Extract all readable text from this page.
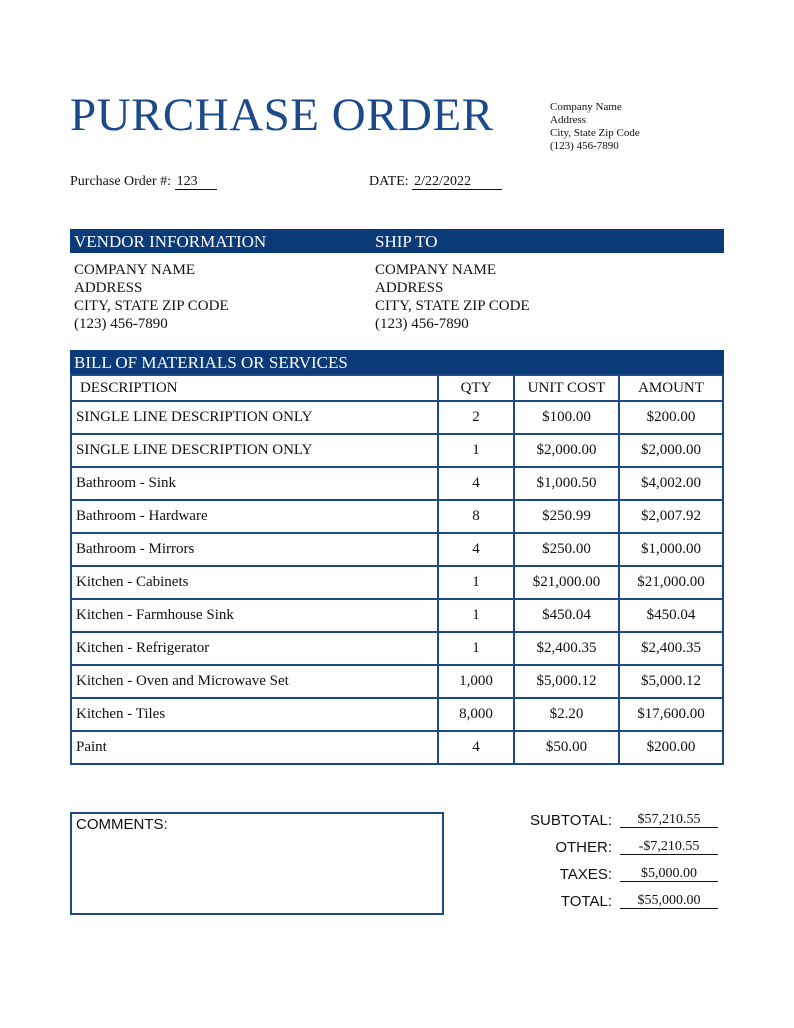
PURCHASE ORDER	Company Name
Address
City, State Zip Code
(123) 456-7890
Purchase Order #: 123	DATE: 2/22/2022
VENDOR INFORMATION	SHIP TO
COMPANY NAME
ADDRESS
CITY, STATE ZIP CODE
(123) 456-7890
COMPANY NAME
ADDRESS
CITY, STATE ZIP CODE
(123) 456-7890
BILL OF MATERIALS OR SERVICES
DESCRIPTION	QTY	UNIT COST	AMOUNT
SINGLE LINE DESCRIPTION ONLY	2	$100.00	$200.00
SINGLE LINE DESCRIPTION ONLY	1	$2,000.00	$2,000.00
Bathroom - Sink	4	$1,000.50	$4,002.00
Bathroom - Hardware	8	$250.99	$2,007.92
Bathroom - Mirrors	4	$250.00	$1,000.00
Kitchen - Cabinets	1	$21,000.00	$21,000.00
Kitchen - Farmhouse Sink	1	$450.04	$450.04
Kitchen - Refrigerator	1	$2,400.35	$2,400.35
Kitchen - Oven and Microwave Set	1,000	$5,000.12	$5,000.12
Kitchen - Tiles	8,000	$2.20	$17,600.00
Paint	4	$50.00	$200.00
COMMENTS:	SUBTOTAL:	$57,210.55
OTHER:	-$7,210.55
TAXES:	$5,000.00
TOTAL:	$55,000.00
